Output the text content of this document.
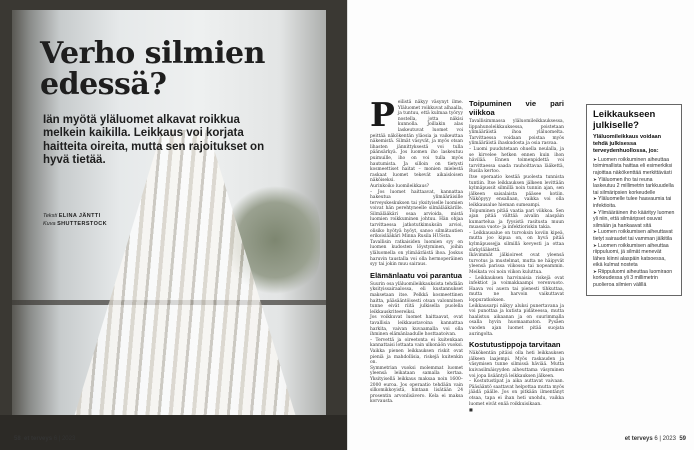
Verho silmien edessä?

Iän myötä yläluomet alkavat roikkua melkein kaikilla. Leikkaus voi korjata haitteita oireita, mutta sen rajoitukset on hyvä tietää.

Teksti ELINA JÄNTTI
Kuva SHUTTERSTOCK
58 et terveys 6 | 2023
P eilistä näkyy väsynyt ilme. Yläluomet roikkuvat alhaalla, ja tuntuu, että kulmaa työryy nostella, jotta näkisi kunnolla. Joillakin alas laskeutuvat luomet voi peittää näkökentän yläosia ja vaikeuttaa näkemistä. Silmät väsyvät, ja myös otsan lihasten jännittyksestä voi tulla päänsärkyä. Jos luomen iho laskeutuu puimuille, iho on voi tulla myös hautumista. Ja silloin on tietysti kosmeettiset haitat – monien mielestä raskaat luomet tekevät aikaisloisen näköiseksi.

Aurinkoiko luomileikkaus?

– Jos luomet haittaavat, kannattaa hakeutua ylimääräisille terveyskeskuksen tai yksityiselle luomien voivat hän perehtyneelle silmälääkärille. Silmälääkäri osaa arvioida, mistä luomien roikkuminen johtuu. Hän ohjaa tarvittaessa jatkotutkimuksiin arvioi, olisiko hyötyä hyöyt, sanoo silmätautien erikoislääkäri Minna Rusila HUSsta.

Tavallisin ratkaisiden luomien syy on luomen kudosten löystyminen, joihin yläluomella on ylimääräistä ihoa. Joskus haruvin taustalla voi olla hermoperäinen syy tai jokin muu sairaus.

Elämänlaatu voi parantua

Suurin osa yläluomileikkauksista tehdään yksityissairaalossa, eli kustannukset maksetaan itse. Pelkkä kosmeettinen haitta, pääsääntöisesti otsan valonnitsen tunne eivät riitä julkisella puolella leikkauskriteereiksi.

Jos voikkuvat luomet haittaavat, ovat tavallisia leikkaustavoina kannattaa harkita, vaivan kuvaamalla voi olla ihminen elämänlaadulle hosttaatoivan.

– Tervettä ja oireetonta ei kuitenkaan kannattaisi lottaata vain ulkonäön vuoksi. Vaikka pienen leikkauksen riskit ovat pieniä ja mahdollisia, riskejä kuitenkin on.

Symmetrian vuoksi molemmat luomet yleensä leikataan samalla kertaa. Yksityisellä leikkaus maksaa noin 1600–2000 euroa. Jos operaatio tehdään vain silkomikkoyistä, hintaan lisätään 24 prosentin arvonlisävero. Kela ei maksa korvausta.

Toipuminen vie pari viikkoa

Tavallisimmassa yläluomileikkauksessa, lippahunoleikkauksessa, poistetaan ylimääräistä ihoa yläluomelta. Tarvittaessa voidaan poistaa myös ylimääräistä ihaskudosta ja osia rasvaa.

– Luomi puudutetaan ohuella neulalla, ja se kirvelee hetken ennen kuin ihon hävilää. Ennen toimenpidettä voi tarvittaessa saada rauhoittavaa lääkettä, Rusila kertoo.

Itse operaatio kestää puolesta tunnista tuntiin. Itse leikkauksen jälkeen levittään kylmäpussit silmillä noin tunnin ajan, sen jälkeen saisalaista pääsee kotiin. Näköpyyy ensallaan, vaikka voi olla leikkausalue hieman sumeampi.

Toipuminen pitää vaatia pari viikkoa. Sen ajan pitää välttää aivalin alaspäin kumartelua ja fyysistä rasitusta muun muassa vuoto- ja infektioriskin takia.

– Leikkausalue on turvoksin koviin kipeä, mutta joo kipua on, on hyvä pitää kylmäpussejja silmillä kevyesti ja ottaa särkylääkettä.

Ikävimmät jälkioireet ovat yleensä turvotus ja mustelmat, mutta ne häipyvät yleensä parissa viikossa tai nopeammin. Meikata voi noin viikon kuluttua.

– Leikkauksen harvinaisia riskejä ovat infektiot ja voimakkaampi verenvuoto. Haava voi auera tai pienesti tihkuttaa, mutta ne harvoin vaikuttavat loppuratkoksen.

Leikkausarpi näkyy aluksi punertavana ja voi punottaa ja kutista pidäteessa, mutta haalistuu aikaanan ja on suurimmalla osalla hyvin huomaamaton. Pysåen vuoden ajan luomet pitää suojata auringolta.

Kostutustippoja tarvitaan

Näkökentän pitäisi olla heti leikkauksen jälkeen laajempi. Myös raskauden ja väsymisen tunne silmissä häviää. Mutta kuivasilmäisyyden aiheuttama väsyminen voi jopa lisääntyä leikkauksen jälkeen.

– Kostutustipat ja aika auttavat vaivaan. Pääsääntö saattavat helpottaa mutta myös jäädä päälle. Jos on pitkään ilmentänyt otsaa, tapa ei ihan heti unohdu, vaikka luomet eivät enää roikkuisikaan.

■
Leikkaukseen julkiselle?
Yläluomileikkaus voidaan tehdä julkisessa terveydenhuollossa, jos:
➤ Luomen roikkuminen aiheuttaa toimimallista haittaa eli esimerkiksi rajoittaa näkökenttää merkittävästi
➤ Yläluomen iho tai reuna laskeutuu 2 millimetrin tarkkuudella tai silmäripsien korkeudelle
➤ Yläluomelle tulee haavaumia tai infektioita.
➤ Ylimääräinen iho käärityy luomen yli niin, että silmäripset osuvat silmään ja hankaavat sitä
➤ Luomen roikkumisen aiheuttavat tietyt sairaudet tai vamman jälkitila
➤ Luomen roikkumisen aiheuttaa riippuluomi, jä silmät menevät lähes kiinni alaspäin katsoessa, eikä kulmat nosteta
➤ Riippuluomi aiheuttaa luomiraon korkeudessa yli 3 millimetrin puolieroa silmien välillä
et terveys 6 | 2023 59
